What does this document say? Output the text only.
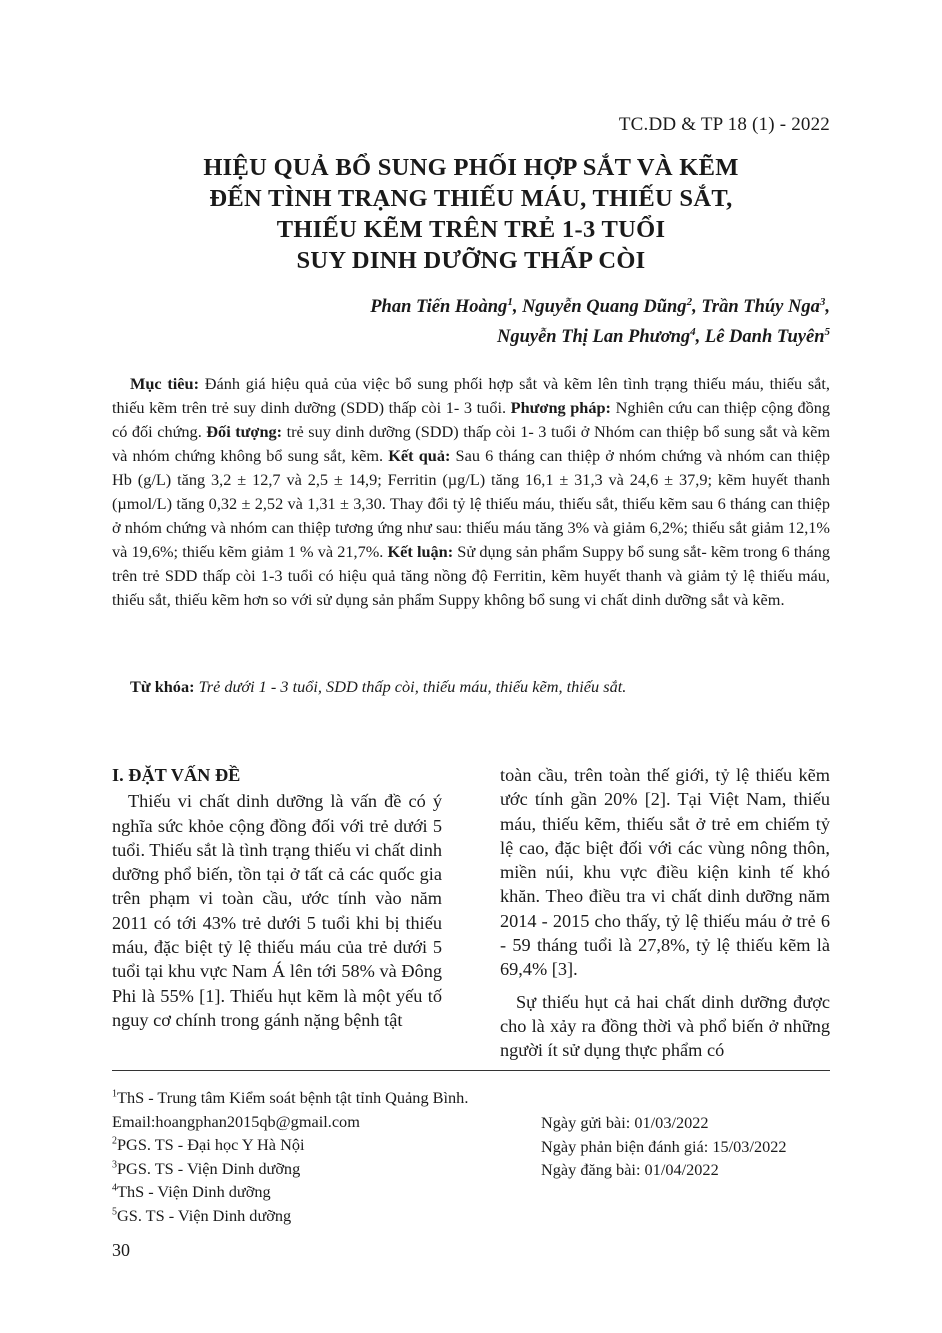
TC.DD & TP 18 (1) - 2022
HIỆU QUẢ BỔ SUNG PHỐI HỢP SẮT VÀ KẼM
ĐẾN TÌNH TRẠNG THIẾU MÁU, THIẾU SẮT,
THIẾU KẼM TRÊN TRẺ 1-3 TUỔI
SUY DINH DƯỠNG THẤP CÒI
Phan Tiến Hoàng$^1$, Nguyễn Quang Dũng$^2$, Trần Thúy Nga$^3$,
Nguyễn Thị Lan Phương$^4$, Lê Danh Tuyên$^5$
Mục tiêu: Đánh giá hiệu quả của việc bổ sung phối hợp sắt và kẽm lên tình trạng thiếu máu, thiếu sắt, thiếu kẽm trên trẻ suy dinh dưỡng (SDD) thấp còi 1- 3 tuổi. Phương pháp: Nghiên cứu can thiệp cộng đồng có đối chứng. Đối tượng: trẻ suy dinh dưỡng (SDD) thấp còi 1- 3 tuổi ở Nhóm can thiệp bổ sung sắt và kẽm và nhóm chứng không bổ sung sắt, kẽm. Kết quả: Sau 6 tháng can thiệp ở nhóm chứng và nhóm can thiệp Hb (g/L) tăng 3,2 ± 12,7 và 2,5 ± 14,9; Ferritin (µg/L) tăng 16,1 ± 31,3 và 24,6 ± 37,9; kẽm huyết thanh (µmol/L) tăng 0,32 ± 2,52 và 1,31 ± 3,30. Thay đổi tỷ lệ thiếu máu, thiếu sắt, thiếu kẽm sau 6 tháng can thiệp ở nhóm chứng và nhóm can thiệp tương ứng như sau: thiếu máu tăng 3% và giảm 6,2%; thiếu sắt giảm 12,1% và 19,6%; thiếu kẽm giảm 1 % và 21,7%. Kết luận: Sử dụng sản phẩm Suppy bổ sung sắt- kẽm trong 6 tháng trên trẻ SDD thấp còi 1-3 tuổi có hiệu quả tăng nồng độ Ferritin, kẽm huyết thanh và giảm tỷ lệ thiếu máu, thiếu sắt, thiếu kẽm hơn so với sử dụng sản phẩm Suppy không bổ sung vi chất dinh dưỡng sắt và kẽm.
Từ khóa: Trẻ dưới 1 - 3 tuổi, SDD thấp còi, thiếu máu, thiếu kẽm, thiếu sắt.
I. ĐẶT VẤN ĐỀ

Thiếu vi chất dinh dưỡng là vấn đề có ý nghĩa sức khỏe cộng đồng đối với trẻ dưới 5 tuổi. Thiếu sắt là tình trạng thiếu vi chất dinh dưỡng phổ biến, tồn tại ở tất cả các quốc gia trên phạm vi toàn cầu, ước tính vào năm 2011 có tới 43% trẻ dưới 5 tuổi khi bị thiếu máu, đặc biệt tỷ lệ thiếu máu của trẻ dưới 5 tuổi tại khu vực Nam Á lên tới 58% và Đông Phi là 55% [1]. Thiếu hụt kẽm là một yếu tố nguy cơ chính trong gánh nặng bệnh tật

toàn cầu, trên toàn thế giới, tỷ lệ thiếu kẽm ước tính gần 20% [2]. Tại Việt Nam, thiếu máu, thiếu kẽm, thiếu sắt ở trẻ em chiếm tỷ lệ cao, đặc biệt đối với các vùng nông thôn, miền núi, khu vực điều kiện kinh tế khó khăn. Theo điều tra vi chất dinh dưỡng năm 2014 - 2015 cho thấy, tỷ lệ thiếu máu ở trẻ 6 - 59 tháng tuổi là 27,8%, tỷ lệ thiếu kẽm là 69,4% [3].

Sự thiếu hụt cả hai chất dinh dưỡng được cho là xảy ra đồng thời và phổ biến ở những người ít sử dụng thực phẩm có

$^1$ThS - Trung tâm Kiểm soát bệnh tật tỉnh Quảng Bình.
Email:hoangphan2015qb@gmail.com
$^2$PGS. TS - Đại học Y Hà Nội
$^3$PGS. TS - Viện Dinh dưỡng
$^4$ThS - Viện Dinh dưỡng
$^5$GS. TS - Viện Dinh dưỡng
Ngày gửi bài: 01/03/2022
Ngày phản biện đánh giá: 15/03/2022
Ngày đăng bài: 01/04/2022
30
